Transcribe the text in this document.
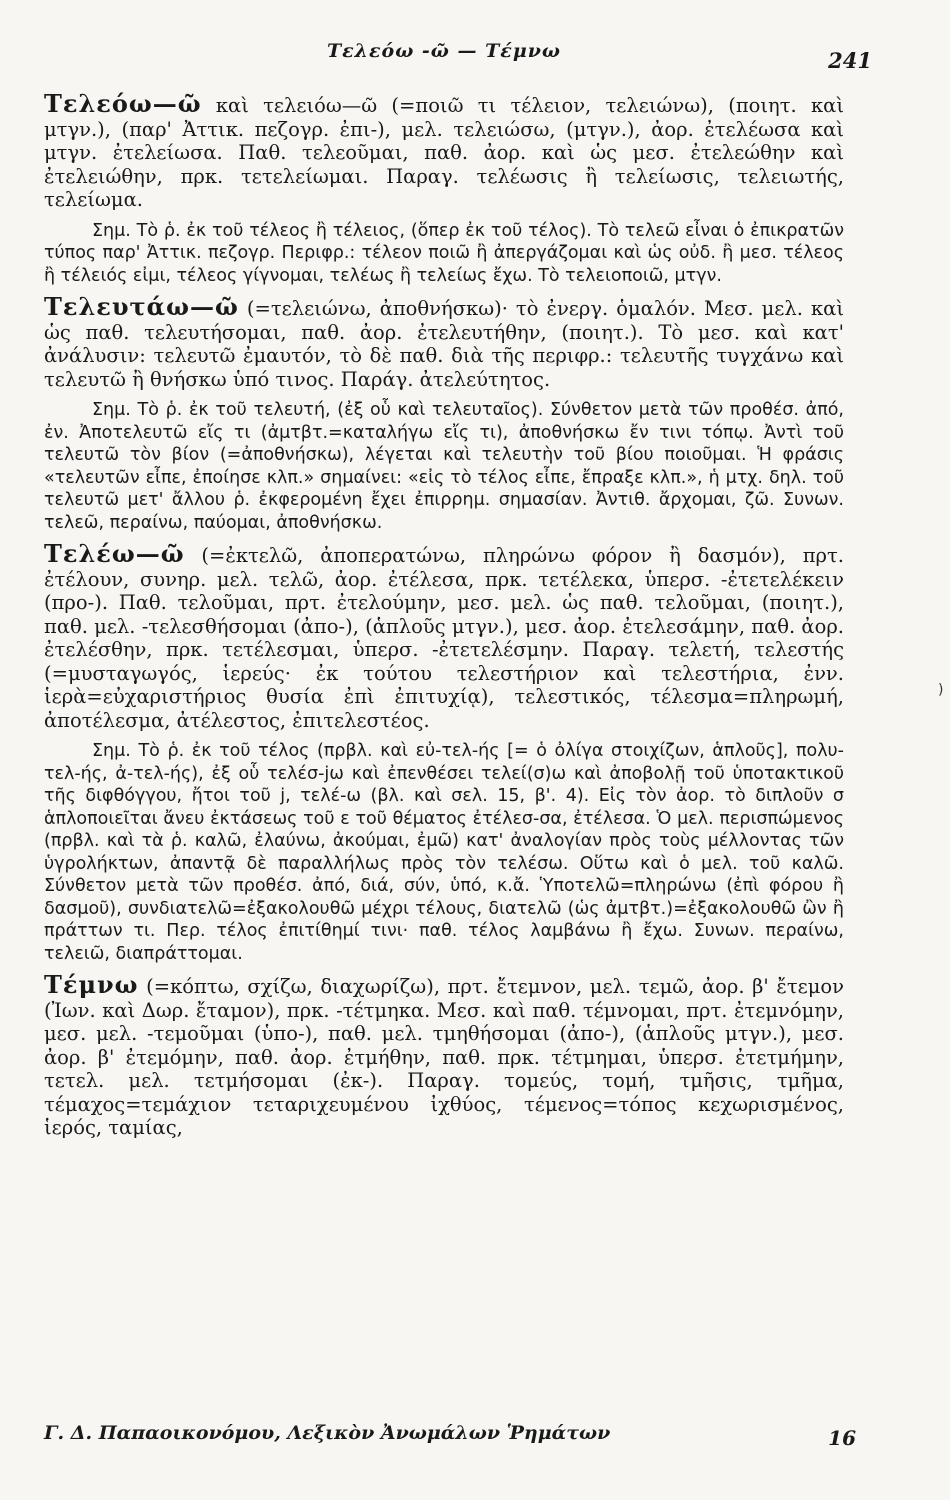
Τελεόω -ῶ — Τέμνω	241

Τελεόω—ῶ καὶ τελειόω—ῶ (=ποιῶ τι τέλειον, τελειώνω), (ποιητ. καὶ μτγν.), (παρ' Ἀττικ. πεζογρ. ἐπι-), μελ. τελειώσω, (μτγν.), ἀορ. ἐτελέωσα καὶ μτγν. ἐτελείωσα. Παθ. τελεοῦμαι, παθ. ἀορ. καὶ ὡς μεσ. ἐτελεώθην καὶ ἐτελειώθην, πρκ. τετελείωμαι. Παραγ. τελέωσις ἢ τελείωσις, τελειωτής, τελείωμα.

Σημ. Τὸ ῥ. ἐκ τοῦ τέλεος ἢ τέλειος, (ὅπερ ἐκ τοῦ τέλος). Τὸ τελεῶ εἶναι ὁ ἐπικρατῶν τύπος παρ' Ἀττικ. πεζογρ. Περιφρ.: τέλεον ποιῶ ἢ ἀπεργάζομαι καὶ ὡς οὐδ. ἢ μεσ. τέλεος ἢ τέλειός εἰμι, τέλεος γίγνομαι, τελέως ἢ τελείως ἔχω. Τὸ τελειοποιῶ, μτγν.

Τελευτάω—ῶ (=τελειώνω, ἀποθνήσκω)· τὸ ἐνεργ. ὁμαλόν. Μεσ. μελ. καὶ ὡς παθ. τελευτήσομαι, παθ. ἀορ. ἐτελευτήθην, (ποιητ.). Τὸ μεσ. καὶ κατ' ἀνάλυσιν: τελευτῶ ἐμαυτόν, τὸ δὲ παθ. διὰ τῆς περιφρ.: τελευτῆς τυγχάνω καὶ τελευτῶ ἢ θνήσκω ὑπό τινος. Παράγ. ἀτελεύτητος.

Σημ. Τὸ ῥ. ἐκ τοῦ τελευτή, (ἐξ οὗ καὶ τελευταῖος). Σύνθετον μετὰ τῶν προθέσ. ἀπό, ἐν. Ἀποτελευτῶ εἴς τι (ἀμτβτ.=καταλήγω εἴς τι), ἀποθνήσκω ἔν τινι τόπῳ. Ἀντὶ τοῦ τελευτῶ τὸν βίον (=ἀποθνήσκω), λέγεται καὶ τελευτὴν τοῦ βίου ποιοῦμαι. Ἡ φράσις «τελευτῶν εἶπε, ἐποίησε κλπ.» σημαίνει: «εἰς τὸ τέλος εἶπε, ἔπραξε κλπ.», ἡ μτχ. δηλ. τοῦ τελευτῶ μετ' ἄλλου ῥ. ἐκφερομένη ἔχει ἐπιρρημ. σημασίαν. Ἀντιθ. ἄρχομαι, ζῶ. Συνων. τελεῶ, περαίνω, παύομαι, ἀποθνήσκω.

Τελέω—ῶ (=ἐκτελῶ, ἀποπερατώνω, πληρώνω φόρον ἢ δασμόν), πρτ. ἐτέλουν, συνηρ. μελ. τελῶ, ἀορ. ἐτέλεσα, πρκ. τετέλεκα, ὑπερσ. -ἐτετελέκειν (προ-). Παθ. τελοῦμαι, πρτ. ἐτελούμην, μεσ. μελ. ὡς παθ. τελοῦμαι, (ποιητ.), παθ. μελ. -τελεσθήσομαι (ἀπο-), (ἁπλοῦς μτγν.), μεσ. ἀορ. ἐτελεσάμην, παθ. ἀορ. ἐτελέσθην, πρκ. τετέλεσμαι, ὑπερσ. -ἐτετελέσμην. Παραγ. τελετή, τελεστής (=μυσταγωγός, ἱερεύς· ἐκ τούτου τελεστήριον καὶ τελεστήρια, ἐνν. ἱερὰ=εὐχαριστήριος θυσία ἐπὶ ἐπιτυχίᾳ), τελεστικός, τέλεσμα=πληρωμή, ἀποτέλεσμα, ἀτέλεστος, ἐπιτελεστέος.

Σημ. Τὸ ῥ. ἐκ τοῦ τέλος (πρβλ. καὶ εὐ-τελ-ής [= ὁ ὀλίγα στοιχίζων, ἁπλοῦς], πολυ-τελ-ής, ἀ-τελ-ής), ἐξ οὗ τελέσ-jω καὶ ἐπενθέσει τελεί(σ)ω καὶ ἀποβολῇ τοῦ ὑποτακτικοῦ τῆς διφθόγγου, ἤτοι τοῦ j, τελέ-ω (βλ. καὶ σελ. 15, β'. 4). Εἰς τὸν ἀορ. τὸ διπλοῦν σ ἁπλοποιεῖται ἄνευ ἐκτάσεως τοῦ ε τοῦ θέματος ἐτέλεσ-σα, ἐτέλεσα. Ὁ μελ. περισπώμενος (πρβλ. καὶ τὰ ῥ. καλῶ, ἐλαύνω, ἀκούμαι, ἐμῶ) κατ' ἀναλογίαν πρὸς τοὺς μέλλοντας τῶν ὑγρολήκτων, ἀπαντᾷ δὲ παραλλήλως πρὸς τὸν τελέσω. Οὕτω καὶ ὁ μελ. τοῦ καλῶ. Σύνθετον μετὰ τῶν προθέσ. ἀπό, διά, σύν, ὑπό, κ.ἄ. Ὑποτελῶ=πληρώνω (ἐπὶ φόρου ἢ δασμοῦ), συνδιατελῶ=ἐξακολουθῶ μέχρι τέλους, διατελῶ (ὡς ἀμτβτ.)=ἐξακολουθῶ ὢν ἢ πράττων τι. Περ. τέλος ἐπιτίθημί τινι· παθ. τέλος λαμβάνω ἢ ἔχω. Συνων. περαίνω, τελειῶ, διαπράττομαι.

Τέμνω (=κόπτω, σχίζω, διαχωρίζω), πρτ. ἔτεμνον, μελ. τεμῶ, ἀορ. β' ἔτεμον (Ἰων. καὶ Δωρ. ἔταμον), πρκ. -τέτμηκα. Μεσ. καὶ παθ. τέμνομαι, πρτ. ἐτεμνόμην, μεσ. μελ. -τεμοῦμαι (ὑπο-), παθ. μελ. τμηθήσομαι (ἀπο-), (ἁπλοῦς μτγν.), μεσ. ἀορ. β' ἐτεμόμην, παθ. ἀορ. ἐτμήθην, παθ. πρκ. τέτμημαι, ὑπερσ. ἐτετμήμην, τετελ. μελ. τετμήσομαι (ἐκ-). Παραγ. τομεύς, τομή, τμῆσις, τμῆμα, τέμαχος=τεμάχιον τεταριχευμένου ἰχθύος, τέμενος=τόπος κεχωρισμένος, ἱερός, ταμίας,

Γ. Δ. Παπαοικονόμου, Λεξικὸν Ἀνωμάλων Ῥημάτων	16
)
